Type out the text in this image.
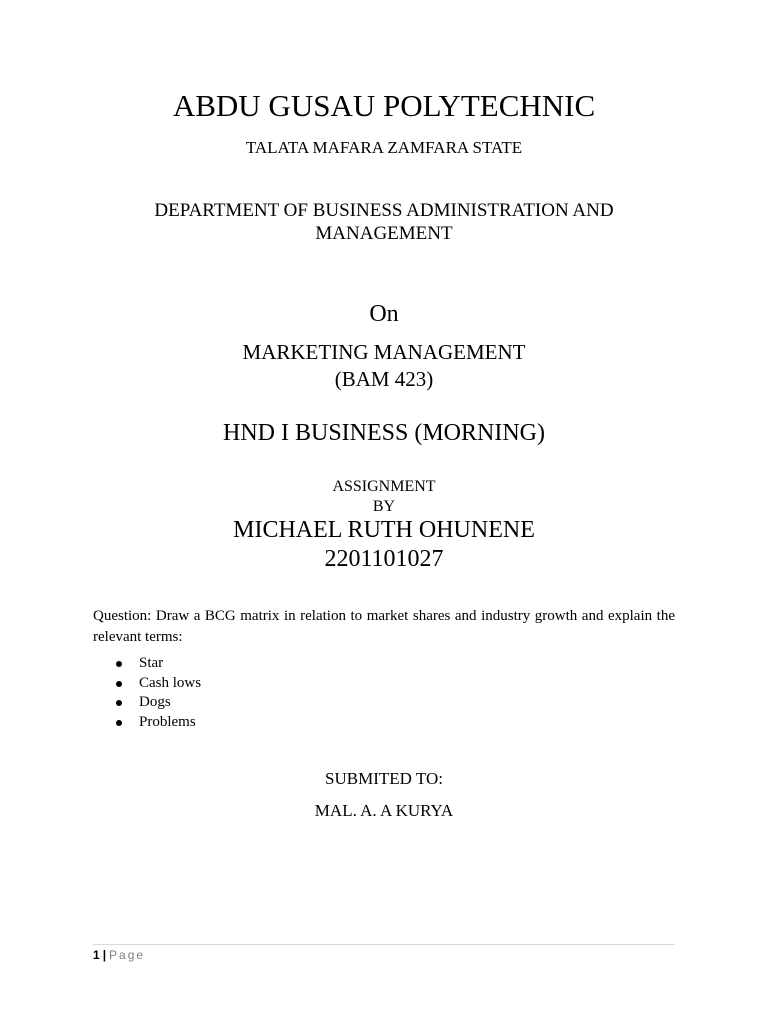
ABDU GUSAU POLYTECHNIC

TALATA MAFARA ZAMFARA STATE

DEPARTMENT OF BUSINESS ADMINISTRATION AND MANAGEMENT

On

MARKETING MANAGEMENT

(BAM 423)

HND I BUSINESS (MORNING)

ASSIGNMENT

BY

MICHAEL RUTH OHUNENE

2201101027

Question: Draw a BCG matrix in relation to market shares and industry growth and explain the relevant terms:

Star
Cash lows
Dogs
Problems

SUBMITED TO:

MAL. A. A KURYA

1 | Page
